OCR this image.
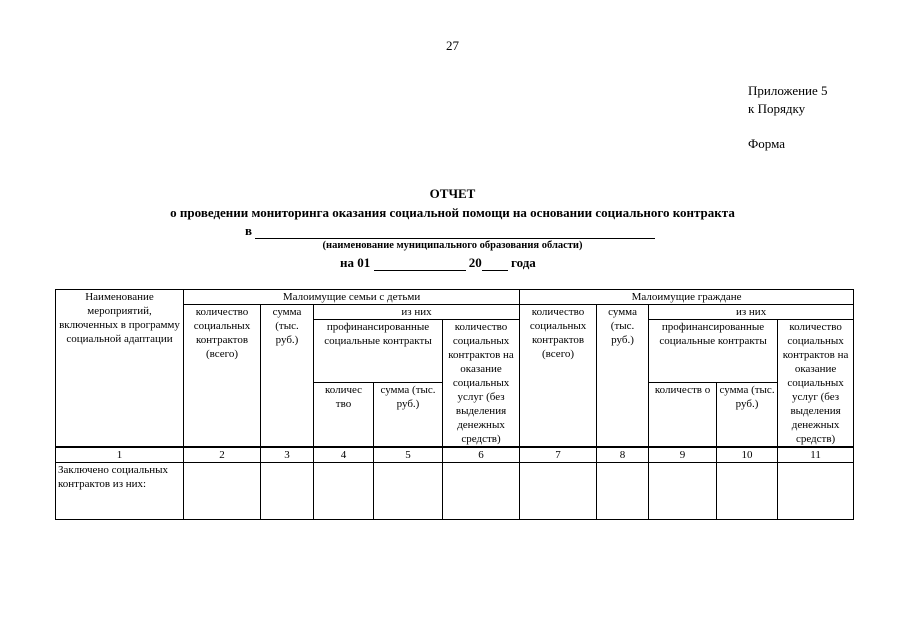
27
Приложение 5
к Порядку
Форма
ОТЧЕТ
о проведении мониторинга оказания социальной помощи на основании социального контракта
в
(наименование муниципального образования области)
на 01	20 года
Наименование мероприятий, включенных в программу социальной адаптации	Малоимущие семьи с детьми					Малоимущие граждане				
	количество социальных контрактов (всего)	сумма (тыс. руб.)	из них			количество социальных контрактов (всего)	сумма (тыс. руб.)	из них		
			профинансированные социальные контракты		количество социальных контрактов на оказание социальных услуг (без выделения денежных средств)			профинансированные социальные контракты		количество социальных контрактов на оказание социальных услуг (без выделения денежных средств)
			количес тво	сумма (тыс. руб.)				количеств о	сумма (тыс. руб.)	
1	2	3	4	5	6	7	8	9	10	11
Заключено социальных контрактов из них:										
